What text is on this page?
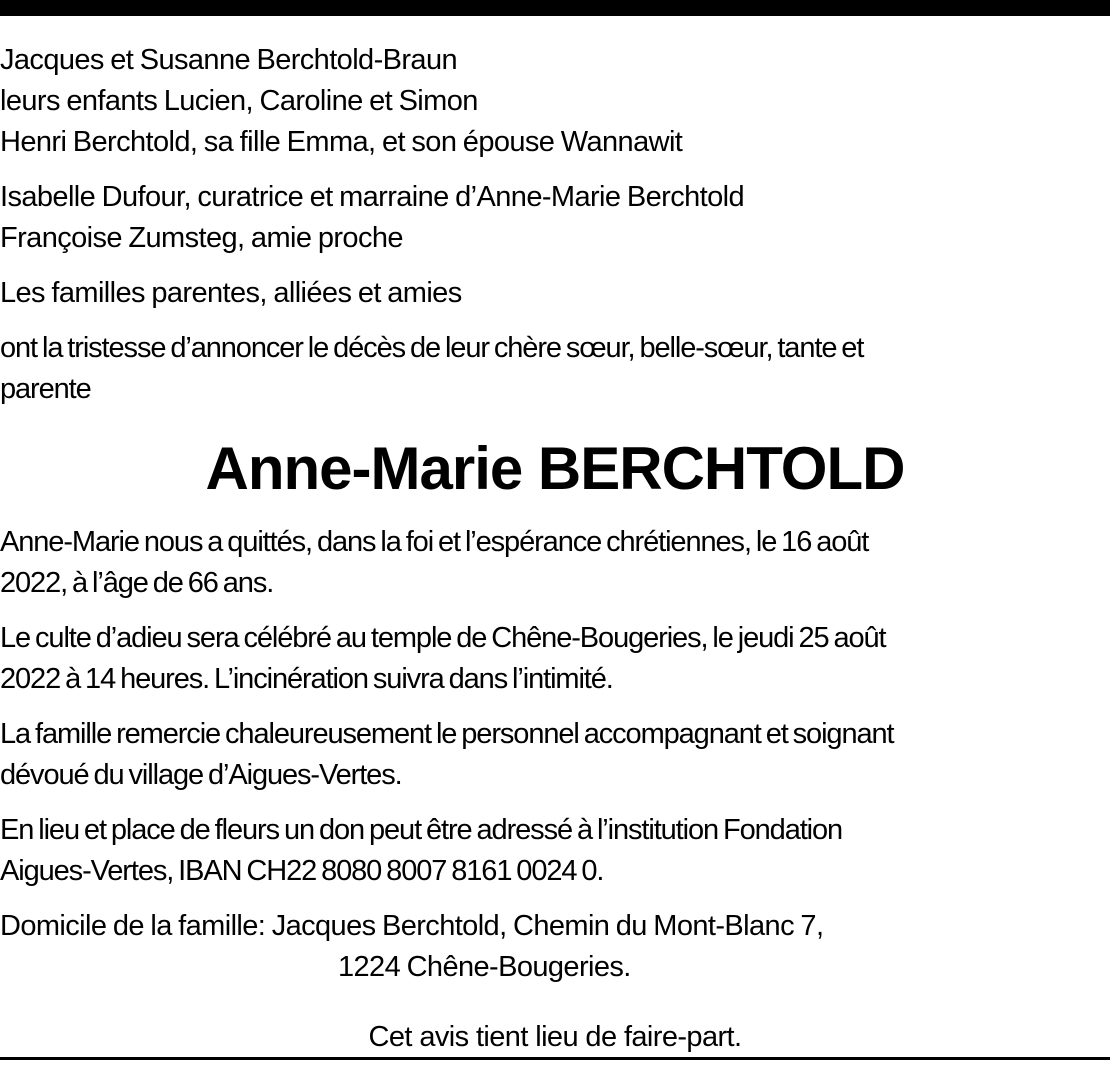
Jacques et Susanne Berchtold-Braun
leurs enfants Lucien, Caroline et Simon
Henri Berchtold, sa fille Emma, et son épouse Wannawit

Isabelle Dufour, curatrice et marraine d’Anne-Marie Berchtold
Françoise Zumsteg, amie proche

Les familles parentes, alliées et amies

ont la tristesse d’annoncer le décès de leur chère sœur, belle-sœur, tante et
parente

Anne-Marie BERCHTOLD

Anne-Marie nous a quittés, dans la foi et l’espérance chrétiennes, le 16 août
2022, à l’âge de 66 ans.

Le culte d’adieu sera célébré au temple de Chêne-Bougeries, le jeudi 25 août
2022 à 14 heures. L’incinération suivra dans l’intimité.

La famille remercie chaleureusement le personnel accompagnant et soignant
dévoué du village d’Aigues-Vertes.

En lieu et place de fleurs un don peut être adressé à l’institution Fondation
Aigues-Vertes, IBAN CH22 8080 8007 8161 0024 0.

Domicile de la famille: Jacques Berchtold, Chemin du Mont-Blanc 7,
1224 Chêne-Bougeries.

Cet avis tient lieu de faire-part.
